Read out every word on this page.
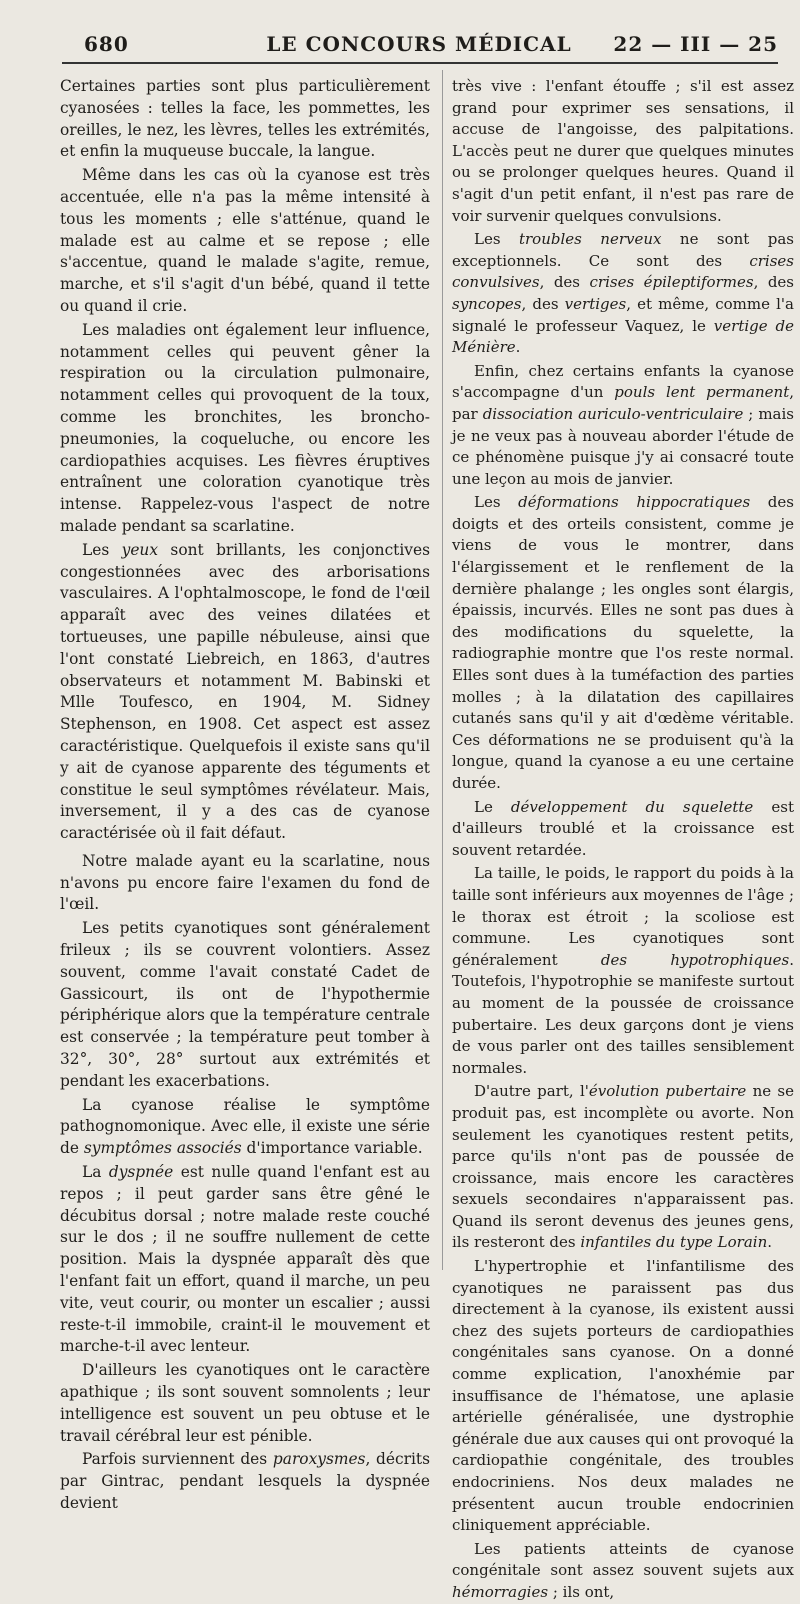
680	LE CONCOURS MÉDICAL	22 — III — 25

Certaines parties sont plus particulièrement cyanosées : telles la face, les pommettes, les oreilles, le nez, les lèvres, telles les extrémités, et enfin la muqueuse buccale, la langue.

Même dans les cas où la cyanose est très accentuée, elle n'a pas la même intensité à tous les moments ; elle s'atténue, quand le malade est au calme et se repose ; elle s'accentue, quand le malade s'agite, remue, marche, et s'il s'agit d'un bébé, quand il tette ou quand il crie.

Les maladies ont également leur influence, notamment celles qui peuvent gêner la respiration ou la circulation pulmonaire, notamment celles qui provoquent de la toux, comme les bronchites, les broncho-pneumonies, la coqueluche, ou encore les cardiopathies acquises. Les fièvres éruptives entraînent une coloration cyanotique très intense. Rappelez-vous l'aspect de notre malade pendant sa scarlatine.

Les yeux sont brillants, les conjonctives congestionnées avec des arborisations vasculaires. A l'ophtalmoscope, le fond de l'œil apparaît avec des veines dilatées et tortueuses, une papille nébuleuse, ainsi que l'ont constaté Liebreich, en 1863, d'autres observateurs et notamment M. Babinski et Mlle Toufesco, en 1904, M. Sidney Stephenson, en 1908. Cet aspect est assez caractéristique. Quelquefois il existe sans qu'il y ait de cyanose apparente des téguments et constitue le seul symptômes révélateur. Mais, inversement, il y a des cas de cyanose caractérisée où il fait défaut.

Notre malade ayant eu la scarlatine, nous n'avons pu encore faire l'examen du fond de l'œil.

Les petits cyanotiques sont généralement frileux ; ils se couvrent volontiers. Assez souvent, comme l'avait constaté Cadet de Gassicourt, ils ont de l'hypothermie périphérique alors que la température centrale est conservée ; la température peut tomber à 32°, 30°, 28° surtout aux extrémités et pendant les exacerbations.

La cyanose réalise le symptôme pathognomonique. Avec elle, il existe une série de symptômes associés d'importance variable.

La dyspnée est nulle quand l'enfant est au repos ; il peut garder sans être gêné le décubitus dorsal ; notre malade reste couché sur le dos ; il ne souffre nullement de cette position. Mais la dyspnée apparaît dès que l'enfant fait un effort, quand il marche, un peu vite, veut courir, ou monter un escalier ; aussi reste-t-il immobile, craint-il le mouvement et marche-t-il avec lenteur.

D'ailleurs les cyanotiques ont le caractère apathique ; ils sont souvent somnolents ; leur intelligence est souvent un peu obtuse et le travail cérébral leur est pénible.

Parfois surviennent des paroxysmes, décrits par Gintrac, pendant lesquels la dyspnée devient

très vive : l'enfant étouffe ; s'il est assez grand pour exprimer ses sensations, il accuse de l'angoisse, des palpitations. L'accès peut ne durer que quelques minutes ou se prolonger quelques heures. Quand il s'agit d'un petit enfant, il n'est pas rare de voir survenir quelques convulsions.

Les troubles nerveux ne sont pas exceptionnels. Ce sont des crises convulsives, des crises épileptiformes, des syncopes, des vertiges, et même, comme l'a signalé le professeur Vaquez, le vertige de Ménière.

Enfin, chez certains enfants la cyanose s'accompagne d'un pouls lent permanent, par dissociation auriculo-ventriculaire ; mais je ne veux pas à nouveau aborder l'étude de ce phénomène puisque j'y ai consacré toute une leçon au mois de janvier.

Les déformations hippocratiques des doigts et des orteils consistent, comme je viens de vous le montrer, dans l'élargissement et le renflement de la dernière phalange ; les ongles sont élargis, épaissis, incurvés. Elles ne sont pas dues à des modifications du squelette, la radiographie montre que l'os reste normal. Elles sont dues à la tuméfaction des parties molles ; à la dilatation des capillaires cutanés sans qu'il y ait d'œdème véritable. Ces déformations ne se produisent qu'à la longue, quand la cyanose a eu une certaine durée.

Le développement du squelette est d'ailleurs troublé et la croissance est souvent retardée.

La taille, le poids, le rapport du poids à la taille sont inférieurs aux moyennes de l'âge ; le thorax est étroit ; la scoliose est commune. Les cyanotiques sont généralement des hypotrophiques. Toutefois, l'hypotrophie se manifeste surtout au moment de la poussée de croissance pubertaire. Les deux garçons dont je viens de vous parler ont des tailles sensiblement normales.

D'autre part, l'évolution pubertaire ne se produit pas, est incomplète ou avorte. Non seulement les cyanotiques restent petits, parce qu'ils n'ont pas de poussée de croissance, mais encore les caractères sexuels secondaires n'apparaissent pas. Quand ils seront devenus des jeunes gens, ils resteront des infantiles du type Lorain.

L'hypertrophie et l'infantilisme des cyanotiques ne paraissent pas dus directement à la cyanose, ils existent aussi chez des sujets porteurs de cardiopathies congénitales sans cyanose. On a donné comme explication, l'anoxhémie par insuffisance de l'hématose, une aplasie artérielle généralisée, une dystrophie générale due aux causes qui ont provoqué la cardiopathie congénitale, des troubles endocriniens. Nos deux malades ne présentent aucun trouble endocrinien cliniquement appréciable.

Les patients atteints de cyanose congénitale sont assez souvent sujets aux hémorragies ; ils ont,
